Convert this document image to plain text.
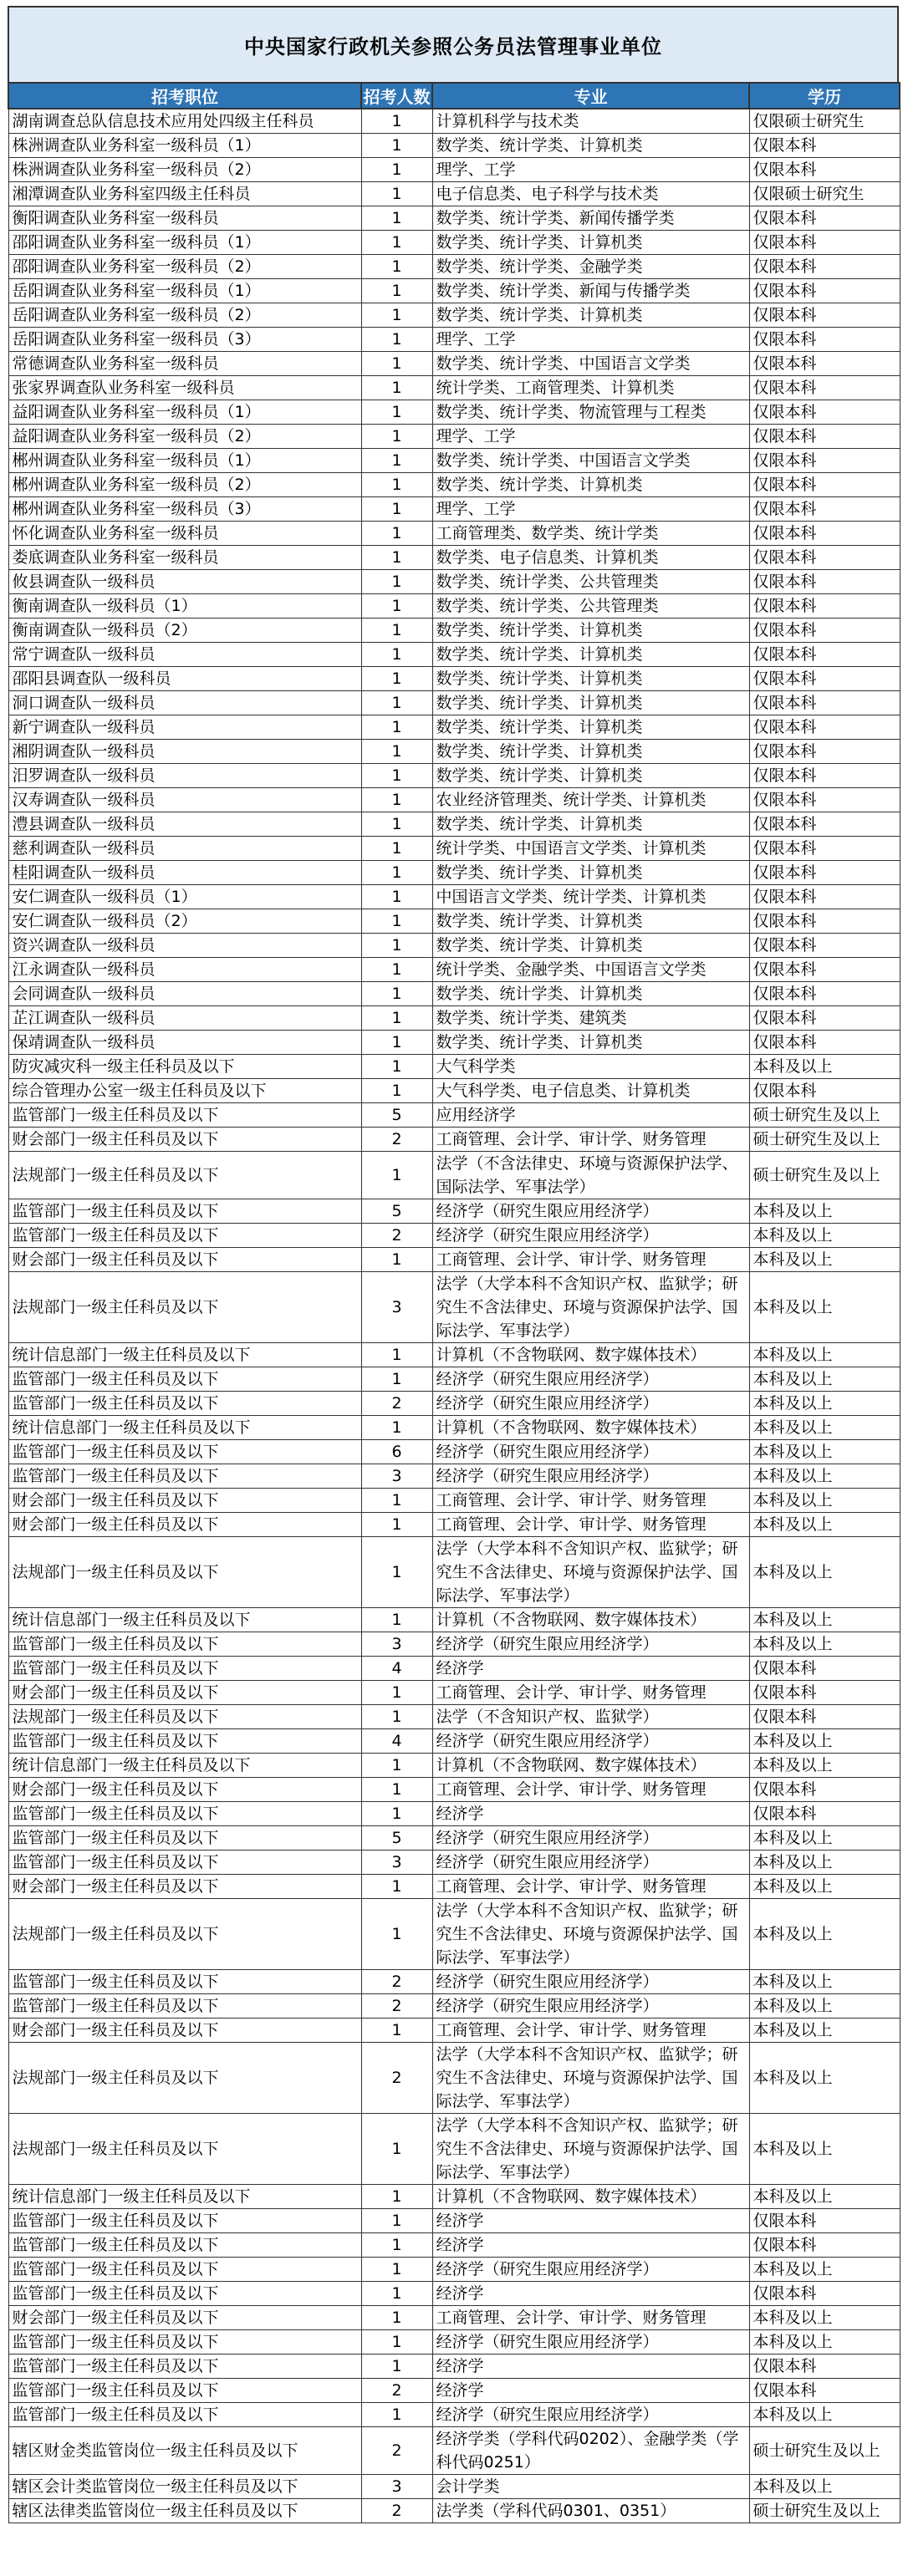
中央国家行政机关参照公务员法管理事业单位
招考职位	招考人数	专业	学历
湖南调查总队信息技术应用处四级主任科员	1	计算机科学与技术类	仅限硕士研究生
株洲调查队业务科室一级科员（1）	1	数学类、统计学类、计算机类	仅限本科
株洲调查队业务科室一级科员（2）	1	理学、工学	仅限本科
湘潭调查队业务科室四级主任科员	1	电子信息类、电子科学与技术类	仅限硕士研究生
衡阳调查队业务科室一级科员	1	数学类、统计学类、新闻传播学类	仅限本科
邵阳调查队业务科室一级科员（1）	1	数学类、统计学类、计算机类	仅限本科
邵阳调查队业务科室一级科员（2）	1	数学类、统计学类、金融学类	仅限本科
岳阳调查队业务科室一级科员（1）	1	数学类、统计学类、新闻与传播学类	仅限本科
岳阳调查队业务科室一级科员（2）	1	数学类、统计学类、计算机类	仅限本科
岳阳调查队业务科室一级科员（3）	1	理学、工学	仅限本科
常德调查队业务科室一级科员	1	数学类、统计学类、中国语言文学类	仅限本科
张家界调查队业务科室一级科员	1	统计学类、工商管理类、计算机类	仅限本科
益阳调查队业务科室一级科员（1）	1	数学类、统计学类、物流管理与工程类	仅限本科
益阳调查队业务科室一级科员（2）	1	理学、工学	仅限本科
郴州调查队业务科室一级科员（1）	1	数学类、统计学类、中国语言文学类	仅限本科
郴州调查队业务科室一级科员（2）	1	数学类、统计学类、计算机类	仅限本科
郴州调查队业务科室一级科员（3）	1	理学、工学	仅限本科
怀化调查队业务科室一级科员	1	工商管理类、数学类、统计学类	仅限本科
娄底调查队业务科室一级科员	1	数学类、电子信息类、计算机类	仅限本科
攸县调查队一级科员	1	数学类、统计学类、公共管理类	仅限本科
衡南调查队一级科员（1）	1	数学类、统计学类、公共管理类	仅限本科
衡南调查队一级科员（2）	1	数学类、统计学类、计算机类	仅限本科
常宁调查队一级科员	1	数学类、统计学类、计算机类	仅限本科
邵阳县调查队一级科员	1	数学类、统计学类、计算机类	仅限本科
洞口调查队一级科员	1	数学类、统计学类、计算机类	仅限本科
新宁调查队一级科员	1	数学类、统计学类、计算机类	仅限本科
湘阴调查队一级科员	1	数学类、统计学类、计算机类	仅限本科
汨罗调查队一级科员	1	数学类、统计学类、计算机类	仅限本科
汉寿调查队一级科员	1	农业经济管理类、统计学类、计算机类	仅限本科
澧县调查队一级科员	1	数学类、统计学类、计算机类	仅限本科
慈利调查队一级科员	1	统计学类、中国语言文学类、计算机类	仅限本科
桂阳调查队一级科员	1	数学类、统计学类、计算机类	仅限本科
安仁调查队一级科员（1）	1	中国语言文学类、统计学类、计算机类	仅限本科
安仁调查队一级科员（2）	1	数学类、统计学类、计算机类	仅限本科
资兴调查队一级科员	1	数学类、统计学类、计算机类	仅限本科
江永调查队一级科员	1	统计学类、金融学类、中国语言文学类	仅限本科
会同调查队一级科员	1	数学类、统计学类、计算机类	仅限本科
芷江调查队一级科员	1	数学类、统计学类、建筑类	仅限本科
保靖调查队一级科员	1	数学类、统计学类、计算机类	仅限本科
防灾减灾科一级主任科员及以下	1	大气科学类	本科及以上
综合管理办公室一级主任科员及以下	1	大气科学类、电子信息类、计算机类	仅限本科
监管部门一级主任科员及以下	5	应用经济学	硕士研究生及以上
财会部门一级主任科员及以下	2	工商管理、会计学、审计学、财务管理	硕士研究生及以上
法规部门一级主任科员及以下	1	法学（不含法律史、环境与资源保护法学、国际法学、军事法学）	硕士研究生及以上
监管部门一级主任科员及以下	5	经济学（研究生限应用经济学）	本科及以上
监管部门一级主任科员及以下	2	经济学（研究生限应用经济学）	本科及以上
财会部门一级主任科员及以下	1	工商管理、会计学、审计学、财务管理	本科及以上
法规部门一级主任科员及以下	3	法学（大学本科不含知识产权、监狱学；研究生不含法律史、环境与资源保护法学、国际法学、军事法学）	本科及以上
统计信息部门一级主任科员及以下	1	计算机（不含物联网、数字媒体技术）	本科及以上
监管部门一级主任科员及以下	1	经济学（研究生限应用经济学）	本科及以上
监管部门一级主任科员及以下	2	经济学（研究生限应用经济学）	本科及以上
统计信息部门一级主任科员及以下	1	计算机（不含物联网、数字媒体技术）	本科及以上
监管部门一级主任科员及以下	6	经济学（研究生限应用经济学）	本科及以上
监管部门一级主任科员及以下	3	经济学（研究生限应用经济学）	本科及以上
财会部门一级主任科员及以下	1	工商管理、会计学、审计学、财务管理	本科及以上
财会部门一级主任科员及以下	1	工商管理、会计学、审计学、财务管理	本科及以上
法规部门一级主任科员及以下	1	法学（大学本科不含知识产权、监狱学；研究生不含法律史、环境与资源保护法学、国际法学、军事法学）	本科及以上
统计信息部门一级主任科员及以下	1	计算机（不含物联网、数字媒体技术）	本科及以上
监管部门一级主任科员及以下	3	经济学（研究生限应用经济学）	本科及以上
监管部门一级主任科员及以下	4	经济学	仅限本科
财会部门一级主任科员及以下	1	工商管理、会计学、审计学、财务管理	仅限本科
法规部门一级主任科员及以下	1	法学（不含知识产权、监狱学）	仅限本科
监管部门一级主任科员及以下	4	经济学（研究生限应用经济学）	本科及以上
统计信息部门一级主任科员及以下	1	计算机（不含物联网、数字媒体技术）	本科及以上
财会部门一级主任科员及以下	1	工商管理、会计学、审计学、财务管理	仅限本科
监管部门一级主任科员及以下	1	经济学	仅限本科
监管部门一级主任科员及以下	5	经济学（研究生限应用经济学）	本科及以上
监管部门一级主任科员及以下	3	经济学（研究生限应用经济学）	本科及以上
财会部门一级主任科员及以下	1	工商管理、会计学、审计学、财务管理	本科及以上
法规部门一级主任科员及以下	1	法学（大学本科不含知识产权、监狱学；研究生不含法律史、环境与资源保护法学、国际法学、军事法学）	本科及以上
监管部门一级主任科员及以下	2	经济学（研究生限应用经济学）	本科及以上
监管部门一级主任科员及以下	2	经济学（研究生限应用经济学）	本科及以上
财会部门一级主任科员及以下	1	工商管理、会计学、审计学、财务管理	本科及以上
法规部门一级主任科员及以下	2	法学（大学本科不含知识产权、监狱学；研究生不含法律史、环境与资源保护法学、国际法学、军事法学）	本科及以上
法规部门一级主任科员及以下	1	法学（大学本科不含知识产权、监狱学；研究生不含法律史、环境与资源保护法学、国际法学、军事法学）	本科及以上
统计信息部门一级主任科员及以下	1	计算机（不含物联网、数字媒体技术）	本科及以上
监管部门一级主任科员及以下	1	经济学	仅限本科
监管部门一级主任科员及以下	1	经济学	仅限本科
监管部门一级主任科员及以下	1	经济学（研究生限应用经济学）	本科及以上
监管部门一级主任科员及以下	1	经济学	仅限本科
财会部门一级主任科员及以下	1	工商管理、会计学、审计学、财务管理	本科及以上
监管部门一级主任科员及以下	1	经济学（研究生限应用经济学）	本科及以上
监管部门一级主任科员及以下	1	经济学	仅限本科
监管部门一级主任科员及以下	2	经济学	仅限本科
监管部门一级主任科员及以下	1	经济学（研究生限应用经济学）	本科及以上
辖区财金类监管岗位一级主任科员及以下	2	经济学类（学科代码0202）、金融学类（学科代码0251）	硕士研究生及以上
辖区会计类监管岗位一级主任科员及以下	3	会计学类	本科及以上
辖区法律类监管岗位一级主任科员及以下	2	法学类（学科代码0301、0351）	硕士研究生及以上
